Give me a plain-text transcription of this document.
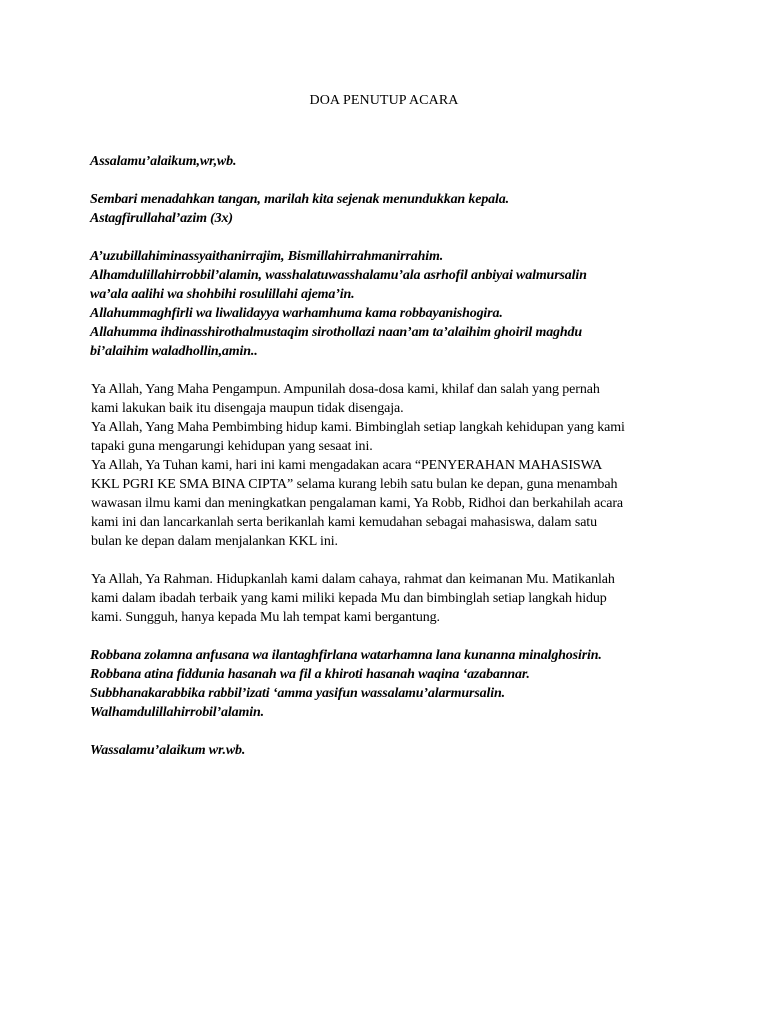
DOA PENUTUP ACARA
Assalamu’alaikum,wr,wb.
Sembari menadahkan tangan, marilah kita sejenak menundukkan kepala.
Astagfirullahal’azim (3x)
A’uzubillahiminassyaithanirrajim, Bismillahirrahmanirrahim.
Alhamdulillahirrobbil’alamin, wasshalatuwasshalamu’ala asrhofil anbiyai walmursalin
wa’ala aalihi wa shohbihi rosulillahi ajema’in.
Allahummaghfirli wa liwalidayya warhamhuma kama robbayanishogira.
Allahumma ihdinasshirothalmustaqim sirothollazi naan’am ta’alaihim ghoiril maghdu
bi’alaihim waladhollin,amin..
Ya Allah, Yang Maha Pengampun. Ampunilah dosa-dosa kami, khilaf dan salah yang pernah
kami lakukan baik itu disengaja maupun tidak disengaja.
Ya Allah, Yang Maha Pembimbing hidup kami. Bimbinglah setiap langkah kehidupan yang kami
tapaki guna mengarungi kehidupan yang sesaat ini.
Ya Allah, Ya Tuhan kami, hari ini kami mengadakan acara “PENYERAHAN MAHASISWA
KKL PGRI KE SMA BINA CIPTA” selama kurang lebih satu bulan ke depan, guna menambah
wawasan ilmu kami dan meningkatkan pengalaman kami, Ya Robb, Ridhoi dan berkahilah acara
kami ini dan lancarkanlah serta berikanlah kami kemudahan sebagai mahasiswa, dalam satu
bulan ke depan dalam menjalankan KKL ini.
Ya Allah, Ya Rahman. Hidupkanlah kami dalam cahaya, rahmat dan keimanan Mu. Matikanlah
kami dalam ibadah terbaik yang kami miliki kepada Mu dan bimbinglah setiap langkah hidup
kami. Sungguh, hanya kepada Mu lah tempat kami bergantung.
Robbana zolamna anfusana wa ilantaghfirlana watarhamna lana kunanna minalghosirin.
Robbana atina fiddunia hasanah wa fil a khiroti hasanah waqina ‘azabannar.
Subbhanakarabbika rabbil’izati ‘amma yasifun wassalamu’alarmursalin.
Walhamdulillahirrobil’alamin.
Wassalamu’alaikum wr.wb.
